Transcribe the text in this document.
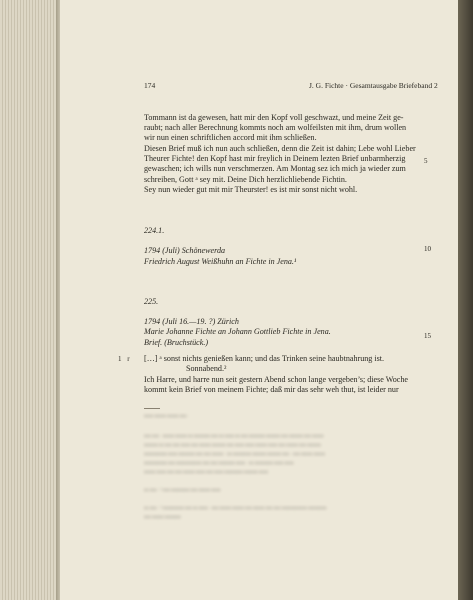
174	J. G. Fichte · Gesamtausgabe Briefeband 2
Tommann ist da gewesen, hatt mir den Kopf voll geschwazt, und meine Zeit ge-
raubt; nach aller Berechnung kommts noch am wolfeilsten mit ihm, drum wollen
wir nun einen schriftlichen accord mit ihm schließen.
Diesen Brief muß ich nun auch schließen, denn die Zeit ist dahin; Lebe wohl Lieber
Theurer Fichte! den Kopf hast mir freylich in Deinem lezten Brief unbarmherzig
gewaschen; ich wills nun verschmerzen. Am Montag sez ich mich ja wieder zum
schreiben, Gott ᵃ sey mit. Deine Dich herzlichliebende Fichtin.
Sey nun wieder gut mit mir Theurster! es ist mir sonst nicht wohl.
5
224.1.
1794 (Juli) Schönewerda
Friedrich August Weißhuhn an Fichte in Jena.¹
10
225.
1794 (Juli 16.—19. ?) Zürich
Marie Johanne Fichte an Johann Gottlieb Fichte in Jena.
Brief. (Bruchstück.)
15
1 r […] ᵃ sonst nichts genießen kann; und das Trinken seine haubtnahrung ist.
Sonnabend.²
Ich Harre, und harre nun seit gestern Abend schon lange vergeben’s; diese Woche
kommt kein Brief von meinem Fichte; daß mir das sehr weh thut, ist leider nur
xxxx xxxxx xxxxx xxx ·
xxx xxx · xxxxx xxxxx xx xxxxxxx xxx xx xxxx xx xxx xxxxxxx xxxxxx xxx xxxxxx xxx xxxxx
xxxxxx xx xxx xxx xxxx xxx xxxxx xxxxxx xxx xxxx xxxx xxxxx xxxx xxx xxxxx xxx xxxxxx
xxxxxxxxxx xxxx xxxxxxx xxx xxx xxxxx · xx xxxxxxxx xxxxxx xxxxxx xxx · xxx xxxxx xxxxx
xxxxxxxxxx xxx xxxxxxxxxxx xxx xxx xxxxxxx xxxx · xx xxxxxxxx xxxx xxxx
xxxxx xxxx xxx xxx xxxxx xxxx xxx xxxx xxxxxxxx xxxxxx xxxx
xx xxx · ¹ xxx xxxxxxxx xxx xxxxx xxxx
xx xxx · ¹ xxxxxxxxx xxx xx xxxx · xxx xxxxx xxxxx xxx xxxxx xxx xxx xxxxxxxxxxx xxxxxxxx
xxx xxxxx xxxxxxx
